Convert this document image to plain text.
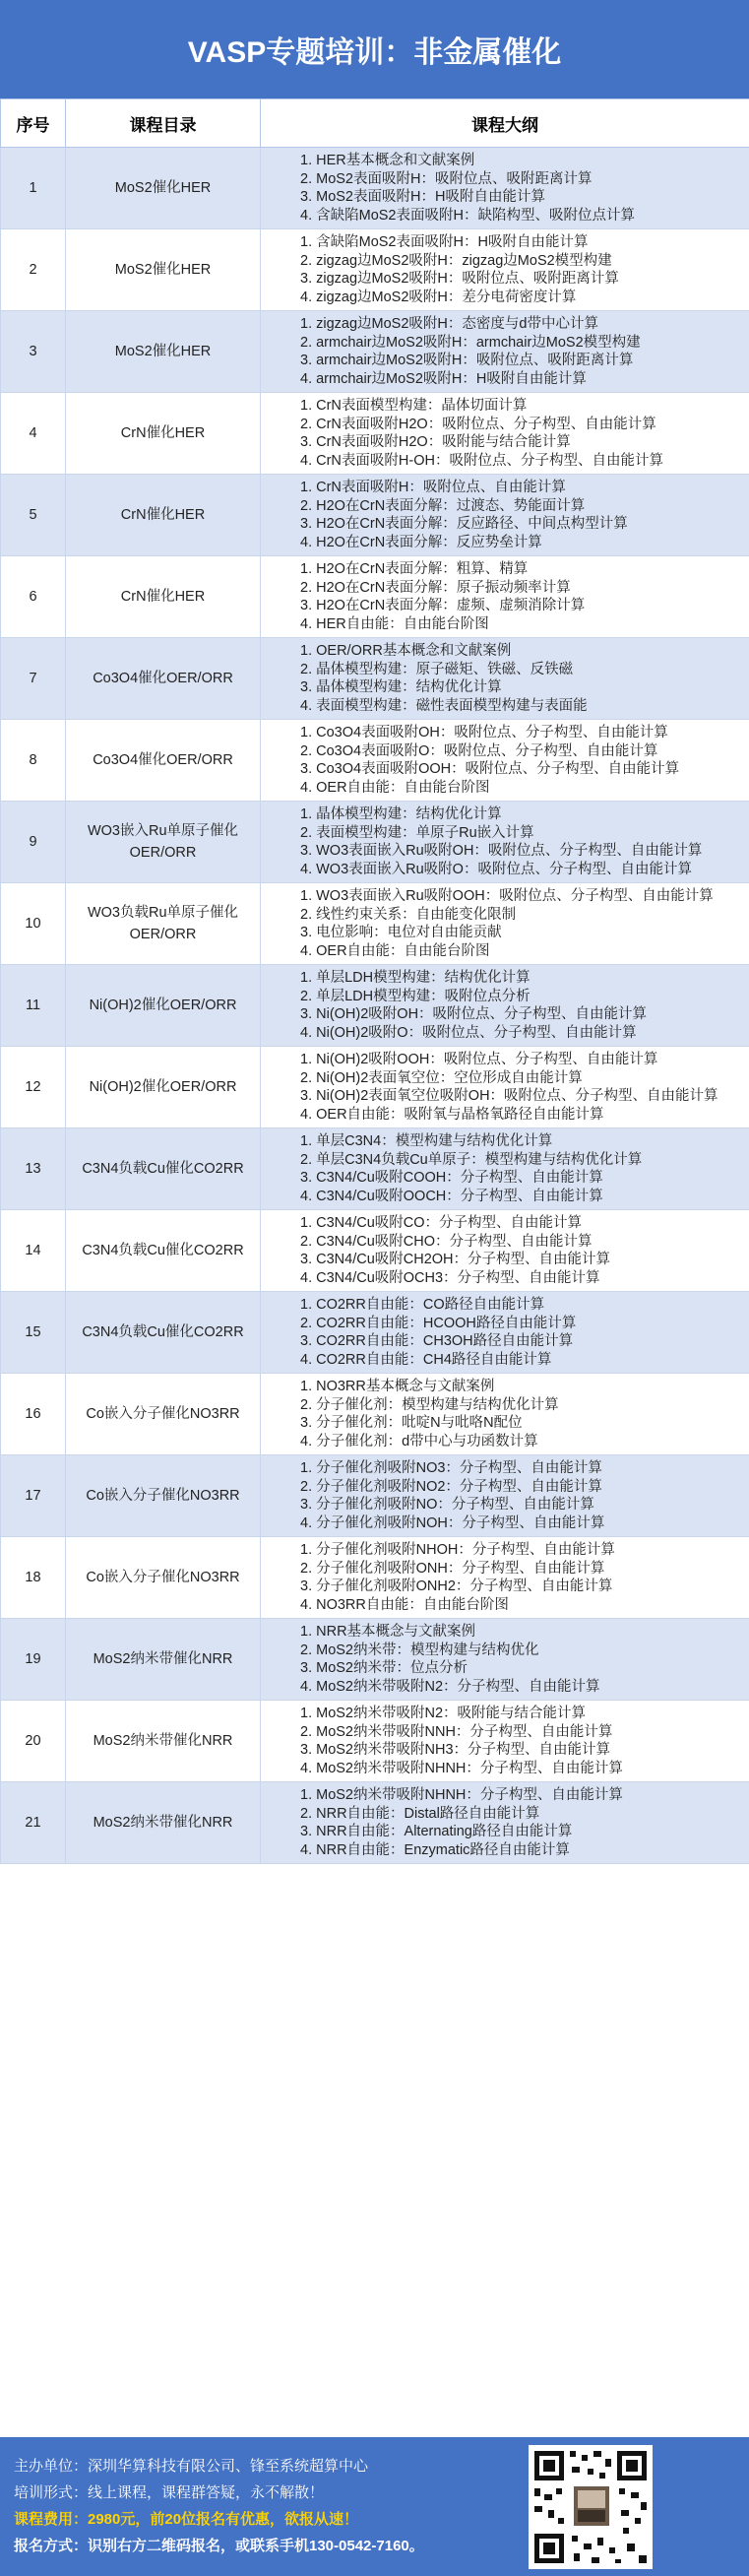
VASP专题培训：非金属催化
序号	课程目录	课程大纲
1	MoS2催化HER	1. HER基本概念和文献案例
2. MoS2表面吸附H：吸附位点、吸附距离计算
3. MoS2表面吸附H：H吸附自由能计算
4. 含缺陷MoS2表面吸附H：缺陷构型、吸附位点计算

2	MoS2催化HER	1. 含缺陷MoS2表面吸附H：H吸附自由能计算
2. zigzag边MoS2吸附H：zigzag边MoS2模型构建
3. zigzag边MoS2吸附H：吸附位点、吸附距离计算
4. zigzag边MoS2吸附H：差分电荷密度计算

3	MoS2催化HER	1. zigzag边MoS2吸附H：态密度与d带中心计算
2. armchair边MoS2吸附H：armchair边MoS2模型构建
3. armchair边MoS2吸附H：吸附位点、吸附距离计算
4. armchair边MoS2吸附H：H吸附自由能计算

4	CrN催化HER	1. CrN表面模型构建：晶体切面计算
2. CrN表面吸附H2O：吸附位点、分子构型、自由能计算
3. CrN表面吸附H2O：吸附能与结合能计算
4. CrN表面吸附H-OH：吸附位点、分子构型、自由能计算

5	CrN催化HER	1. CrN表面吸附H：吸附位点、自由能计算
2. H2O在CrN表面分解：过渡态、势能面计算
3. H2O在CrN表面分解：反应路径、中间点构型计算
4. H2O在CrN表面分解：反应势垒计算

6	CrN催化HER	1. H2O在CrN表面分解：粗算、精算
2. H2O在CrN表面分解：原子振动频率计算
3. H2O在CrN表面分解：虚频、虚频消除计算
4. HER自由能：自由能台阶图

7	Co3O4催化OER/ORR	1. OER/ORR基本概念和文献案例
2. 晶体模型构建：原子磁矩、铁磁、反铁磁
3. 晶体模型构建：结构优化计算
4. 表面模型构建：磁性表面模型构建与表面能

8	Co3O4催化OER/ORR	1. Co3O4表面吸附OH：吸附位点、分子构型、自由能计算
2. Co3O4表面吸附O：吸附位点、分子构型、自由能计算
3. Co3O4表面吸附OOH：吸附位点、分子构型、自由能计算
4. OER自由能：自由能台阶图

9	WO3嵌入Ru单原子催化OER/ORR	1. 晶体模型构建：结构优化计算
2. 表面模型构建：单原子Ru嵌入计算
3. WO3表面嵌入Ru吸附OH：吸附位点、分子构型、自由能计算
4. WO3表面嵌入Ru吸附O：吸附位点、分子构型、自由能计算

10	WO3负载Ru单原子催化OER/ORR	1. WO3表面嵌入Ru吸附OOH：吸附位点、分子构型、自由能计算
2. 线性约束关系：自由能变化限制
3. 电位影响：电位对自由能贡献
4. OER自由能：自由能台阶图

11	Ni(OH)2催化OER/ORR	1. 单层LDH模型构建：结构优化计算
2. 单层LDH模型构建：吸附位点分析
3. Ni(OH)2吸附OH：吸附位点、分子构型、自由能计算
4. Ni(OH)2吸附O：吸附位点、分子构型、自由能计算

12	Ni(OH)2催化OER/ORR	1. Ni(OH)2吸附OOH：吸附位点、分子构型、自由能计算
2. Ni(OH)2表面氧空位：空位形成自由能计算
3. Ni(OH)2表面氧空位吸附OH：吸附位点、分子构型、自由能计算
4. OER自由能：吸附氧与晶格氧路径自由能计算

13	C3N4负载Cu催化CO2RR	1. 单层C3N4：模型构建与结构优化计算
2. 单层C3N4负载Cu单原子：模型构建与结构优化计算
3. C3N4/Cu吸附COOH：分子构型、自由能计算
4. C3N4/Cu吸附OOCH：分子构型、自由能计算

14	C3N4负载Cu催化CO2RR	1. C3N4/Cu吸附CO：分子构型、自由能计算
2. C3N4/Cu吸附CHO：分子构型、自由能计算
3. C3N4/Cu吸附CH2OH：分子构型、自由能计算
4. C3N4/Cu吸附OCH3：分子构型、自由能计算

15	C3N4负载Cu催化CO2RR	1. CO2RR自由能：CO路径自由能计算
2. CO2RR自由能：HCOOH路径自由能计算
3. CO2RR自由能：CH3OH路径自由能计算
4. CO2RR自由能：CH4路径自由能计算

16	Co嵌入分子催化NO3RR	1. NO3RR基本概念与文献案例
2. 分子催化剂：模型构建与结构优化计算
3. 分子催化剂：吡啶N与吡咯N配位
4. 分子催化剂：d带中心与功函数计算

17	Co嵌入分子催化NO3RR	1. 分子催化剂吸附NO3：分子构型、自由能计算
2. 分子催化剂吸附NO2：分子构型、自由能计算
3. 分子催化剂吸附NO：分子构型、自由能计算
4. 分子催化剂吸附NOH：分子构型、自由能计算

18	Co嵌入分子催化NO3RR	1. 分子催化剂吸附NHOH：分子构型、自由能计算
2. 分子催化剂吸附ONH：分子构型、自由能计算
3. 分子催化剂吸附ONH2：分子构型、自由能计算
4. NO3RR自由能：自由能台阶图

19	MoS2纳米带催化NRR	1. NRR基本概念与文献案例
2. MoS2纳米带：模型构建与结构优化
3. MoS2纳米带：位点分析
4. MoS2纳米带吸附N2：分子构型、自由能计算

20	MoS2纳米带催化NRR	1. MoS2纳米带吸附N2：吸附能与结合能计算
2. MoS2纳米带吸附NNH：分子构型、自由能计算
3. MoS2纳米带吸附NH3：分子构型、自由能计算
4. MoS2纳米带吸附NHNH：分子构型、自由能计算

21	MoS2纳米带催化NRR	1. MoS2纳米带吸附NHNH：分子构型、自由能计算
2. NRR自由能：Distal路径自由能计算
3. NRR自由能：Alternating路径自由能计算
4. NRR自由能：Enzymatic路径自由能计算
主办单位：深圳华算科技有限公司、锋至系统超算中心
培训形式：线上课程，课程群答疑，永不解散！
课程费用：2980元，前20位报名有优惠，欲报从速！
报名方式：识别右方二维码报名，或联系手机130-0542-7160。
